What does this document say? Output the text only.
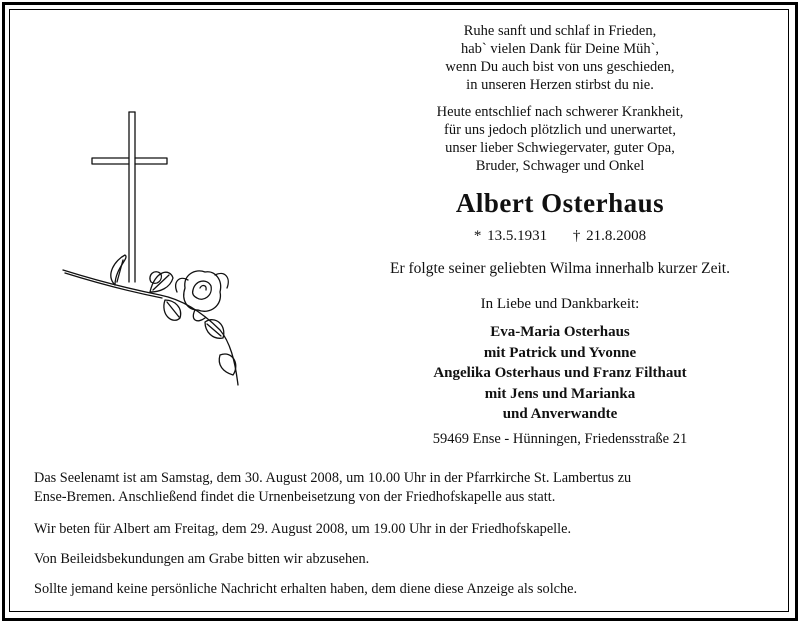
Ruhe sanft und schlaf in Frieden,
hab` vielen Dank für Deine Müh`,
wenn Du auch bist von uns geschieden,
in unseren Herzen stirbst du nie.
Heute entschlief nach schwerer Krankheit,
für uns jedoch plötzlich und unerwartet,
unser lieber Schwiegervater, guter Opa,
Bruder, Schwager und Onkel
Albert Osterhaus
* 13.5.1931 † 21.8.2008
Er folgte seiner geliebten Wilma innerhalb kurzer Zeit.
In Liebe und Dankbarkeit:
Eva-Maria Osterhaus
mit Patrick und Yvonne
Angelika Osterhaus und Franz Filthaut
mit Jens und Marianka
und Anverwandte
59469 Ense - Hünningen, Friedensstraße 21
Das Seelenamt ist am Samstag, dem 30. August 2008, um 10.00 Uhr in der Pfarrkirche St. Lambertus zu
Ense-Bremen. Anschließend findet die Urnenbeisetzung von der Friedhofskapelle aus statt.
Wir beten für Albert am Freitag, dem 29. August 2008, um 19.00 Uhr in der Friedhofskapelle.
Von Beileidsbekundungen am Grabe bitten wir abzusehen.
Sollte jemand keine persönliche Nachricht erhalten haben, dem diene diese Anzeige als solche.
